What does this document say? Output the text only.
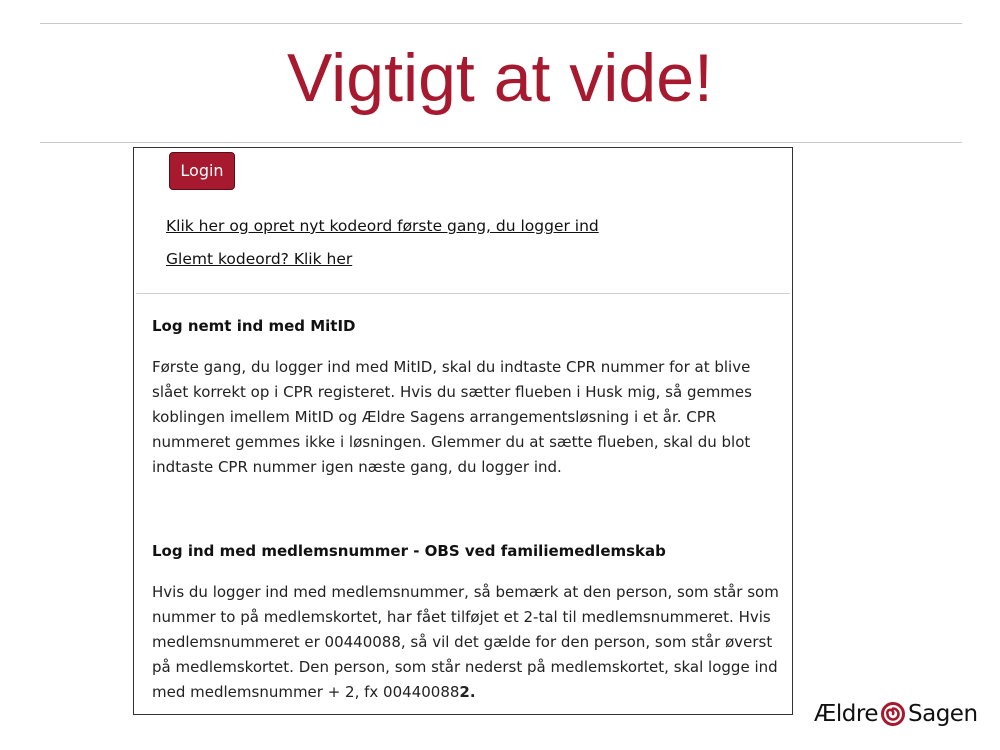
Vigtigt at vide!
Login
Klik her og opret nyt kodeord første gang, du logger ind
Glemt kodeord? Klik her
Log nemt ind med MitID

Første gang, du logger ind med MitID, skal du indtaste CPR nummer for at blive slået korrekt op i CPR registeret. Hvis du sætter flueben i Husk mig, så gemmes koblingen imellem MitID og Ældre Sagens arrangementsløsning i et år. CPR nummeret gemmes ikke i løsningen. Glemmer du at sætte flueben, skal du blot indtaste CPR nummer igen næste gang, du logger ind.

Log ind med medlemsnummer - OBS ved familiemedlemskab

Hvis du logger ind med medlemsnummer, så bemærk at den person, som står som nummer to på medlemskortet, har fået tilføjet et 2-tal til medlemsnummeret. Hvis medlemsnummeret er 00440088, så vil det gælde for den person, som står øverst på medlemskortet. Den person, som står nederst på medlemskortet, skal logge ind med medlemsnummer + 2, fx 004400882.

Ældre Sagen
